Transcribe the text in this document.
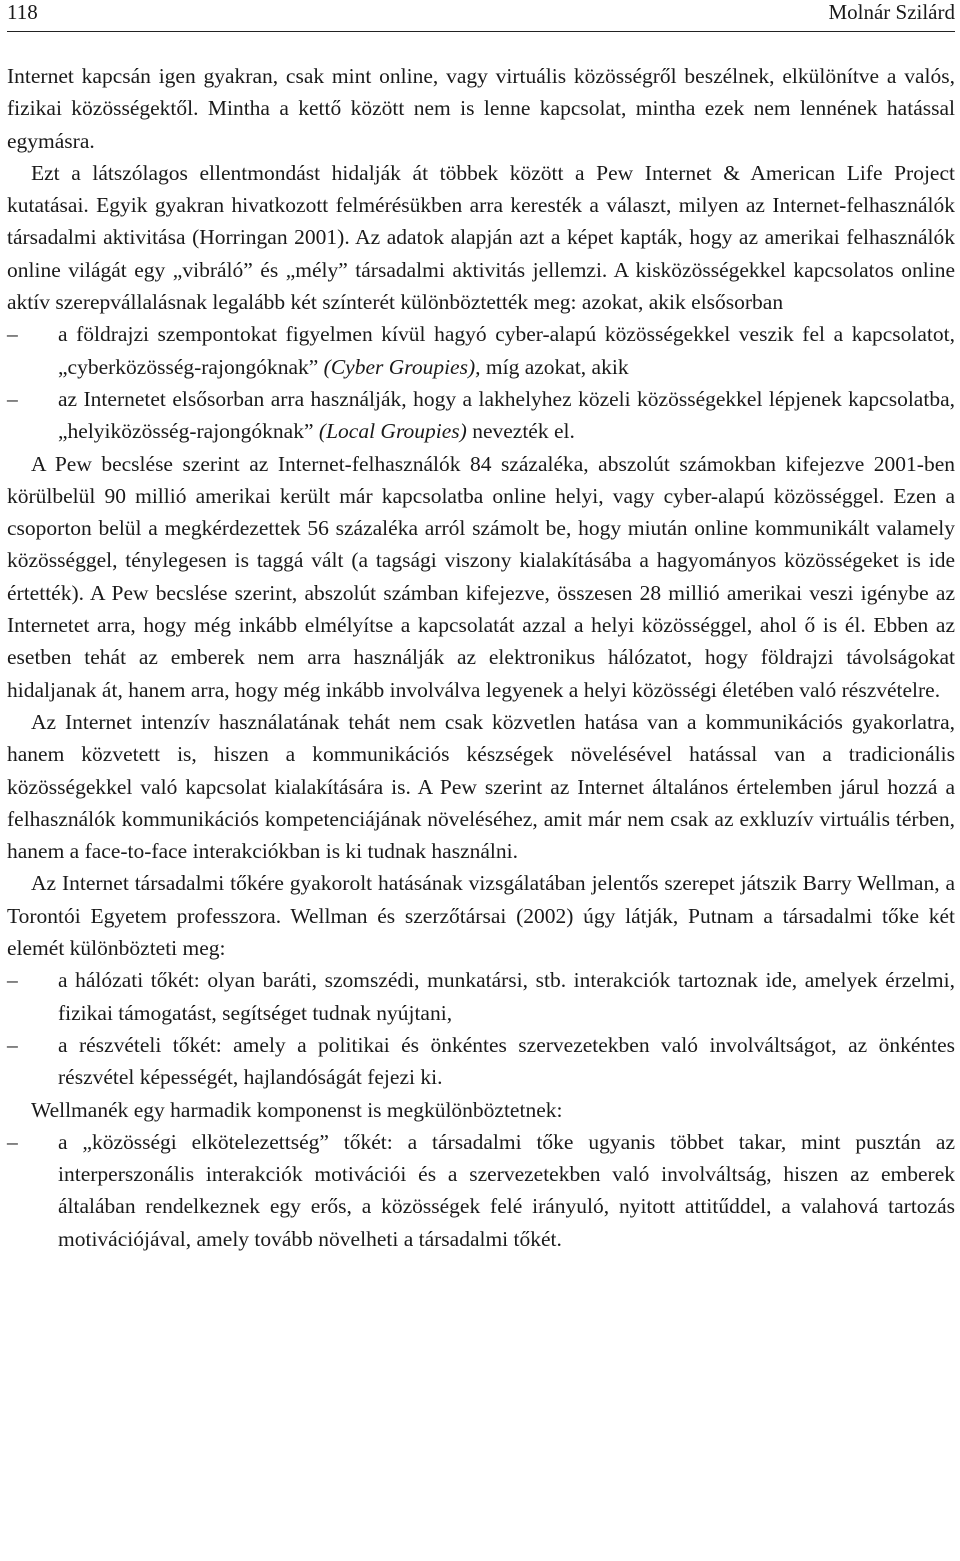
118	Molnár Szilárd

Internet kapcsán igen gyakran, csak mint online, vagy virtuális közösségről beszélnek, elkülönítve a valós, fizikai közösségektől. Mintha a kettő között nem is lenne kapcsolat, mintha ezek nem lennének hatással egymásra.

Ezt a látszólagos ellentmondást hidalják át többek között a Pew Internet & American Life Project kutatásai. Egyik gyakran hivatkozott felmérésükben arra keresték a választ, milyen az Internet-felhasználók társadalmi aktivitása (Horringan 2001). Az adatok alapján azt a képet kapták, hogy az amerikai felhasználók online világát egy „vibráló” és „mély” társadalmi aktivitás jellemzi. A kisközösségekkel kapcsolatos online aktív szerepvállalásnak legalább két színterét különböztették meg: azokat, akik elsősorban

–	a földrajzi szempontokat figyelmen kívül hagyó cyber-alapú közösségekkel veszik fel a kapcsolatot, „cyberközösség-rajongóknak” (Cyber Groupies), míg azokat, akik
–	az Internetet elsősorban arra használják, hogy a lakhelyhez közeli közösségekkel lépjenek kapcsolatba, „helyiközösség-rajongóknak” (Local Groupies) nevezték el.

A Pew becslése szerint az Internet-felhasználók 84 százaléka, abszolút számokban kifejezve 2001-ben körülbelül 90 millió amerikai került már kapcsolatba online helyi, vagy cyber-alapú közösséggel. Ezen a csoporton belül a megkérdezettek 56 százaléka arról számolt be, hogy miután online kommunikált valamely közösséggel, ténylegesen is taggá vált (a tagsági viszony kialakításába a hagyományos közösségeket is ide értették). A Pew becslése szerint, abszolút számban kifejezve, összesen 28 millió amerikai veszi igénybe az Internetet arra, hogy még inkább elmélyítse a kapcsolatát azzal a helyi közösséggel, ahol ő is él. Ebben az esetben tehát az emberek nem arra használják az elektronikus hálózatot, hogy földrajzi távolságokat hidaljanak át, hanem arra, hogy még inkább involválva legyenek a helyi közösségi életében való részvételre.

Az Internet intenzív használatának tehát nem csak közvetlen hatása van a kommunikációs gyakorlatra, hanem közvetett is, hiszen a kommunikációs készségek növelésével hatással van a tradicionális közösségekkel való kapcsolat kialakítására is. A Pew szerint az Internet általános értelemben járul hozzá a felhasználók kommunikációs kompetenciájának növeléséhez, amit már nem csak az exkluzív virtuális térben, hanem a face-to-face interakciókban is ki tudnak használni.

Az Internet társadalmi tőkére gyakorolt hatásának vizsgálatában jelentős szerepet játszik Barry Wellman, a Torontói Egyetem professzora. Wellman és szerzőtársai (2002) úgy látják, Putnam a társadalmi tőke két elemét különbözteti meg:

–	a hálózati tőkét: olyan baráti, szomszédi, munkatársi, stb. interakciók tartoznak ide, amelyek érzelmi, fizikai támogatást, segítséget tudnak nyújtani,
–	a részvételi tőkét: amely a politikai és önkéntes szervezetekben való involváltságot, az önkéntes részvétel képességét, hajlandóságát fejezi ki.

Wellmanék egy harmadik komponenst is megkülönböztetnek:

–	a „közösségi elkötelezettség” tőkét: a társadalmi tőke ugyanis többet takar, mint pusztán az interperszonális interakciók motivációi és a szervezetekben való involváltság, hiszen az emberek általában rendelkeznek egy erős, a közösségek felé irányuló, nyitott attitűddel, a valahová tartozás motivációjával, amely tovább növelheti a társadalmi tőkét.
